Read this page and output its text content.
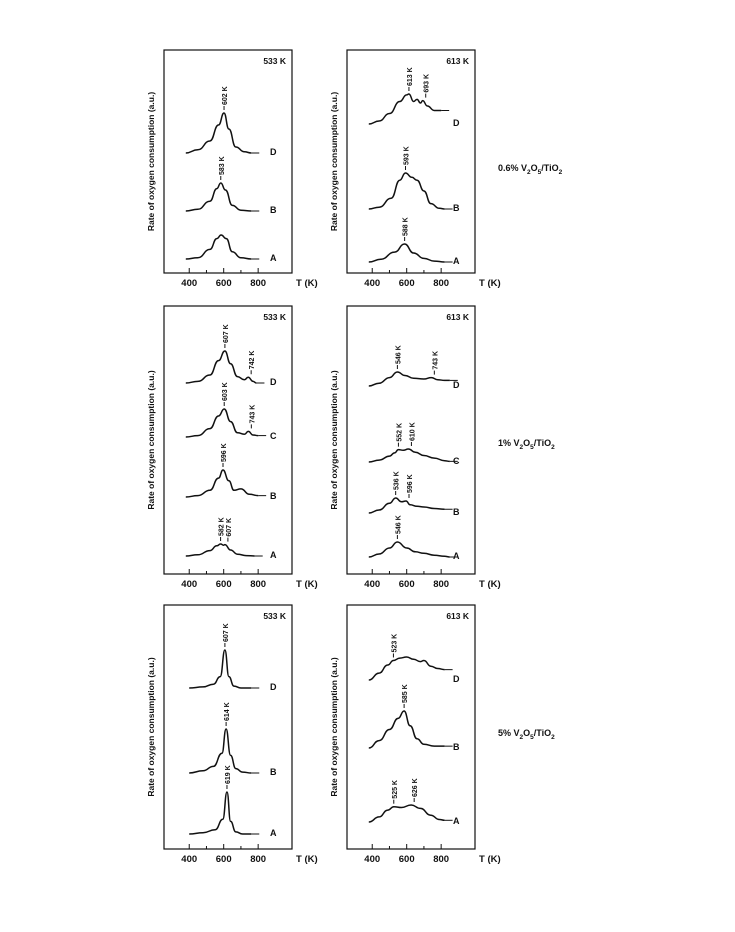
0.6% $V_2O_5/TiO_2$
1% $V_2O_5/TiO_2$
5% $V_2O_5/TiO_2$
533 K
Rate of oxygen consumption (a.u.)
400 600 800	T (K)
D
602 K
B
583 K
A
613 K
Rate of oxygen consumption (a.u.)
400 600 800	T (K)
D
613 K 693 K
B
593 K
A
588 K
533 K
Rate of oxygen consumption (a.u.)
400 600 800	T (K)
D
607 K
742 K
C
603 K
743 K
B
596 K
A
582 K 607 K
613 K
Rate of oxygen consumption (a.u.)
400 600 800	T (K)
D
546 K	743 K
C
552 K 610 K
B
536 K 596 K
A
546 K
533 K
Rate of oxygen consumption (a.u.)
400 600 800	T (K)
D
607 K
B
614 K
A
619 K
613 K
Rate of oxygen consumption (a.u.)
400 600 800	T (K)
D
523 K
B
585 K
A
525 K 626 K
